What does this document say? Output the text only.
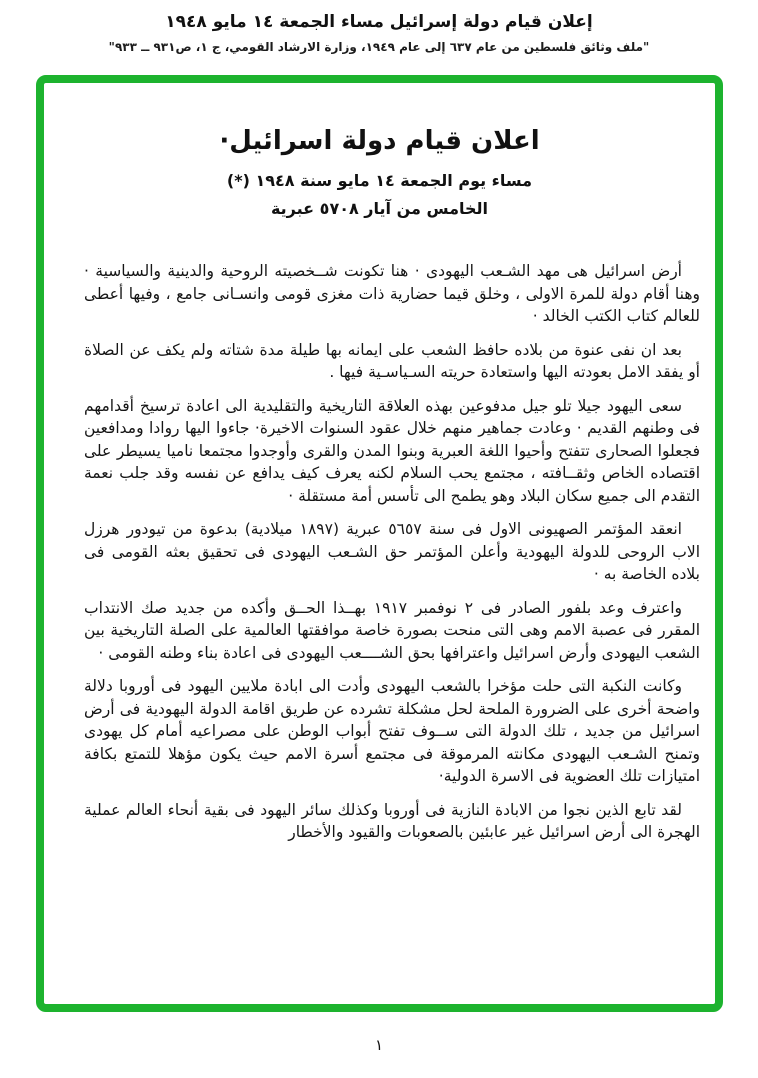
إعلان قيام دولة إسرائيل مساء الجمعة ١٤ مايو ١٩٤٨
"ملف وثائق فلسطين من عام ٦٣٧ إلى عام ١٩٤٩، وزارة الارشاد القومي، ج ١، ص٩٣١ ــ ٩٣٣"
اعلان قيام دولة اسرائيل·
مساء يوم الجمعة ١٤ مايو سنة ١٩٤٨ (*)
الخامس من آيار ٥٧٠٨ عبرية

أرض اسرائيل هى مهد الشـعب اليهودى · هنا تكونت شــخصيته الروحية والدينية والسياسية · وهنا أقام دولة للمرة الاولى ، وخلق قيما حضارية ذات مغزى قومى وانسـانى جامع ، وفيها أعطى للعالم كتاب الكتب الخالد ·

بعد ان نفى عنوة من بلاده حافظ الشعب على ايمانه بها طيلة مدة شتاته ولم يكف عن الصلاة أو يفقد الامل بعودته اليها واستعادة حريته السـياسـية فيها .

سعى اليهود جيلا تلو جيل مدفوعين بهذه العلاقة التاريخية والتقليدية الى اعادة ترسيخ أقدامهم فى وطنهم القديم · وعادت جماهير منهم خلال عقود السنوات الاخيرة· جاءوا اليها روادا ومدافعين فجعلوا الصحارى تتفتح وأحيوا اللغة العبرية وبنوا المدن والقرى وأوجدوا مجتمعا ناميا يسيطر على اقتصاده الخاص وثقــافته ، مجتمع يحب السلام لكنه يعرف كيف يدافع عن نفسه وقد جلب نعمة التقدم الى جميع سكان البلاد وهو يطمح الى تأسس أمة مستقلة ·

انعقد المؤتمر الصهيونى الاول فى سنة ٥٦٥٧ عبرية (١٨٩٧ ميلادية) بدعوة من تيودور هرزل الاب الروحى للدولة اليهودية وأعلن المؤتمر حق الشـعب اليهودى فى تحقيق بعثه القومى فى بلاده الخاصة به ·

واعترف وعد بلفور الصادر فى ٢ نوفمبر ١٩١٧ بهــذا الحــق وأكده من جديد صك الانتداب المقرر فى عصبة الامم وهى التى منحت بصورة خاصة موافقتها العالمية على الصلة التاريخية بين الشعب اليهودى وأرض اسرائيل واعترافها بحق الشــــعب اليهودى فى اعادة بناء وطنه القومى ·

وكانت النكبة التى حلت مؤخرا بالشعب اليهودى وأدت الى ابادة ملايين اليهود فى أوروبا دلالة واضحة أخرى على الضرورة الملحة لحل مشكلة تشرده عن طريق اقامة الدولة اليهودية فى أرض اسرائيل من جديد ، تلك الدولة التى ســوف تفتح أبواب الوطن على مصراعيه أمام كل يهودى وتمنح الشـعب اليهودى مكانته المرموقة فى مجتمع أسرة الامم حيث يكون مؤهلا للتمتع بكافة امتيازات تلك العضوية فى الاسرة الدولية·

لقد تابع الذين نجوا من الابادة النازية فى أوروبا وكذلك سائر اليهود فى بقية أنحاء العالم عملية الهجرة الى أرض اسرائيل غير عابئين بالصعوبات والقيود والأخطار

١
